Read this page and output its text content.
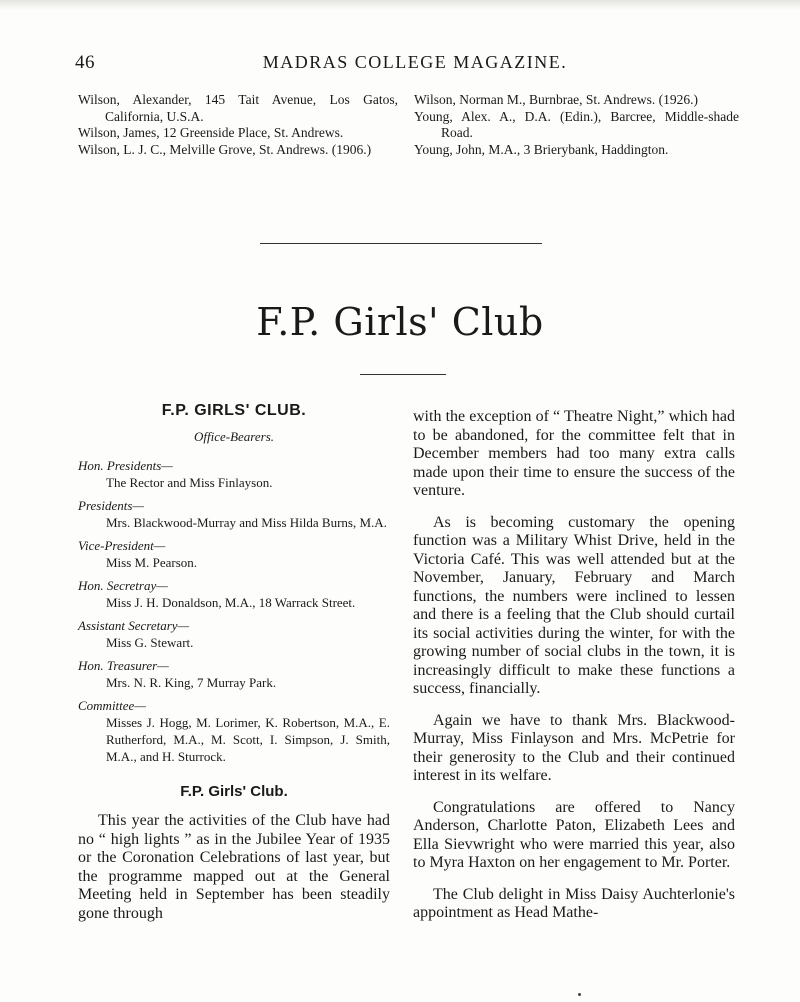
46	MADRAS COLLEGE MAGAZINE.

Wilson, Alexander, 145 Tait Avenue, Los Gatos, California, U.S.A.

Wilson, James, 12 Greenside Place, St. Andrews.

Wilson, L. J. C., Melville Grove, St. Andrews. (1906.)

Wilson, Norman M., Burnbrae, St. Andrews. (1926.)

Young, Alex. A., D.A. (Edin.), Barcree, Middle-shade Road.

Young, John, M.A., 3 Brierybank, Haddington.

F.P. Girls' Club

F.P. GIRLS' CLUB.

Office-Bearers.

Hon. Presidents—

The Rector and Miss Finlayson.

Presidents—

Mrs. Blackwood-Murray and Miss Hilda Burns, M.A.

Vice-President—

Miss M. Pearson.

Hon. Secretray—

Miss J. H. Donaldson, M.A., 18 Warrack Street.

Assistant Secretary—

Miss G. Stewart.

Hon. Treasurer—

Mrs. N. R. King, 7 Murray Park.

Committee—

Misses J. Hogg, M. Lorimer, K. Robertson, M.A., E. Rutherford, M.A., M. Scott, I. Simpson, J. Smith, M.A., and H. Sturrock.

F.P. Girls' Club.

This year the activities of the Club have had no “ high lights ” as in the Jubilee Year of 1935 or the Coronation Celebrations of last year, but the programme mapped out at the General Meeting held in September has been steadily gone through

with the exception of “ Theatre Night,” which had to be abandoned, for the committee felt that in December members had too many extra calls made upon their time to ensure the success of the venture.

As is becoming customary the opening function was a Military Whist Drive, held in the Victoria Café. This was well attended but at the November, January, February and March functions, the numbers were inclined to lessen and there is a feeling that the Club should curtail its social activities during the winter, for with the growing number of social clubs in the town, it is increasingly difficult to make these functions a success, financially.

Again we have to thank Mrs. Blackwood-Murray, Miss Finlayson and Mrs. McPetrie for their generosity to the Club and their continued interest in its welfare.

Congratulations are offered to Nancy Anderson, Charlotte Paton, Elizabeth Lees and Ella Sievwright who were married this year, also to Myra Haxton on her engagement to Mr. Porter.

The Club delight in Miss Daisy Auchterlonie's appointment as Head Mathe-
